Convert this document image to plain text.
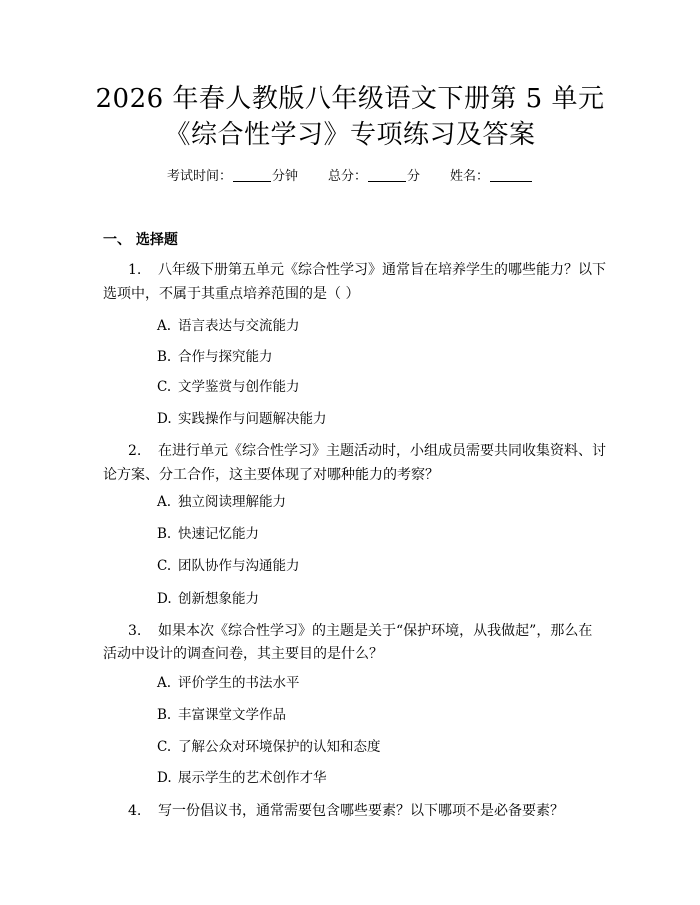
2026 年春人教版八年级语文下册第 5 单元
《综合性学习》专项练习及答案
考试时间：	分钟 总分：	分 姓名：
一、 选择题
1. 八年级下册第五单元《综合性学习》通常旨在培养学生的哪些能力？以下
选项中，不属于其重点培养范围的是（ ）
A. 语言表达与交流能力
B. 合作与探究能力
C. 文学鉴赏与创作能力
D. 实践操作与问题解决能力
2. 在进行单元《综合性学习》主题活动时，小组成员需要共同收集资料、讨
论方案、分工合作，这主要体现了对哪种能力的考察？
A. 独立阅读理解能力
B. 快速记忆能力
C. 团队协作与沟通能力
D. 创新想象能力
3. 如果本次《综合性学习》的主题是关于“保护环境，从我做起”，那么在
活动中设计的调查问卷，其主要目的是什么？
A. 评价学生的书法水平
B. 丰富课堂文学作品
C. 了解公众对环境保护的认知和态度
D. 展示学生的艺术创作才华
4. 写一份倡议书，通常需要包含哪些要素？以下哪项不是必备要素？
